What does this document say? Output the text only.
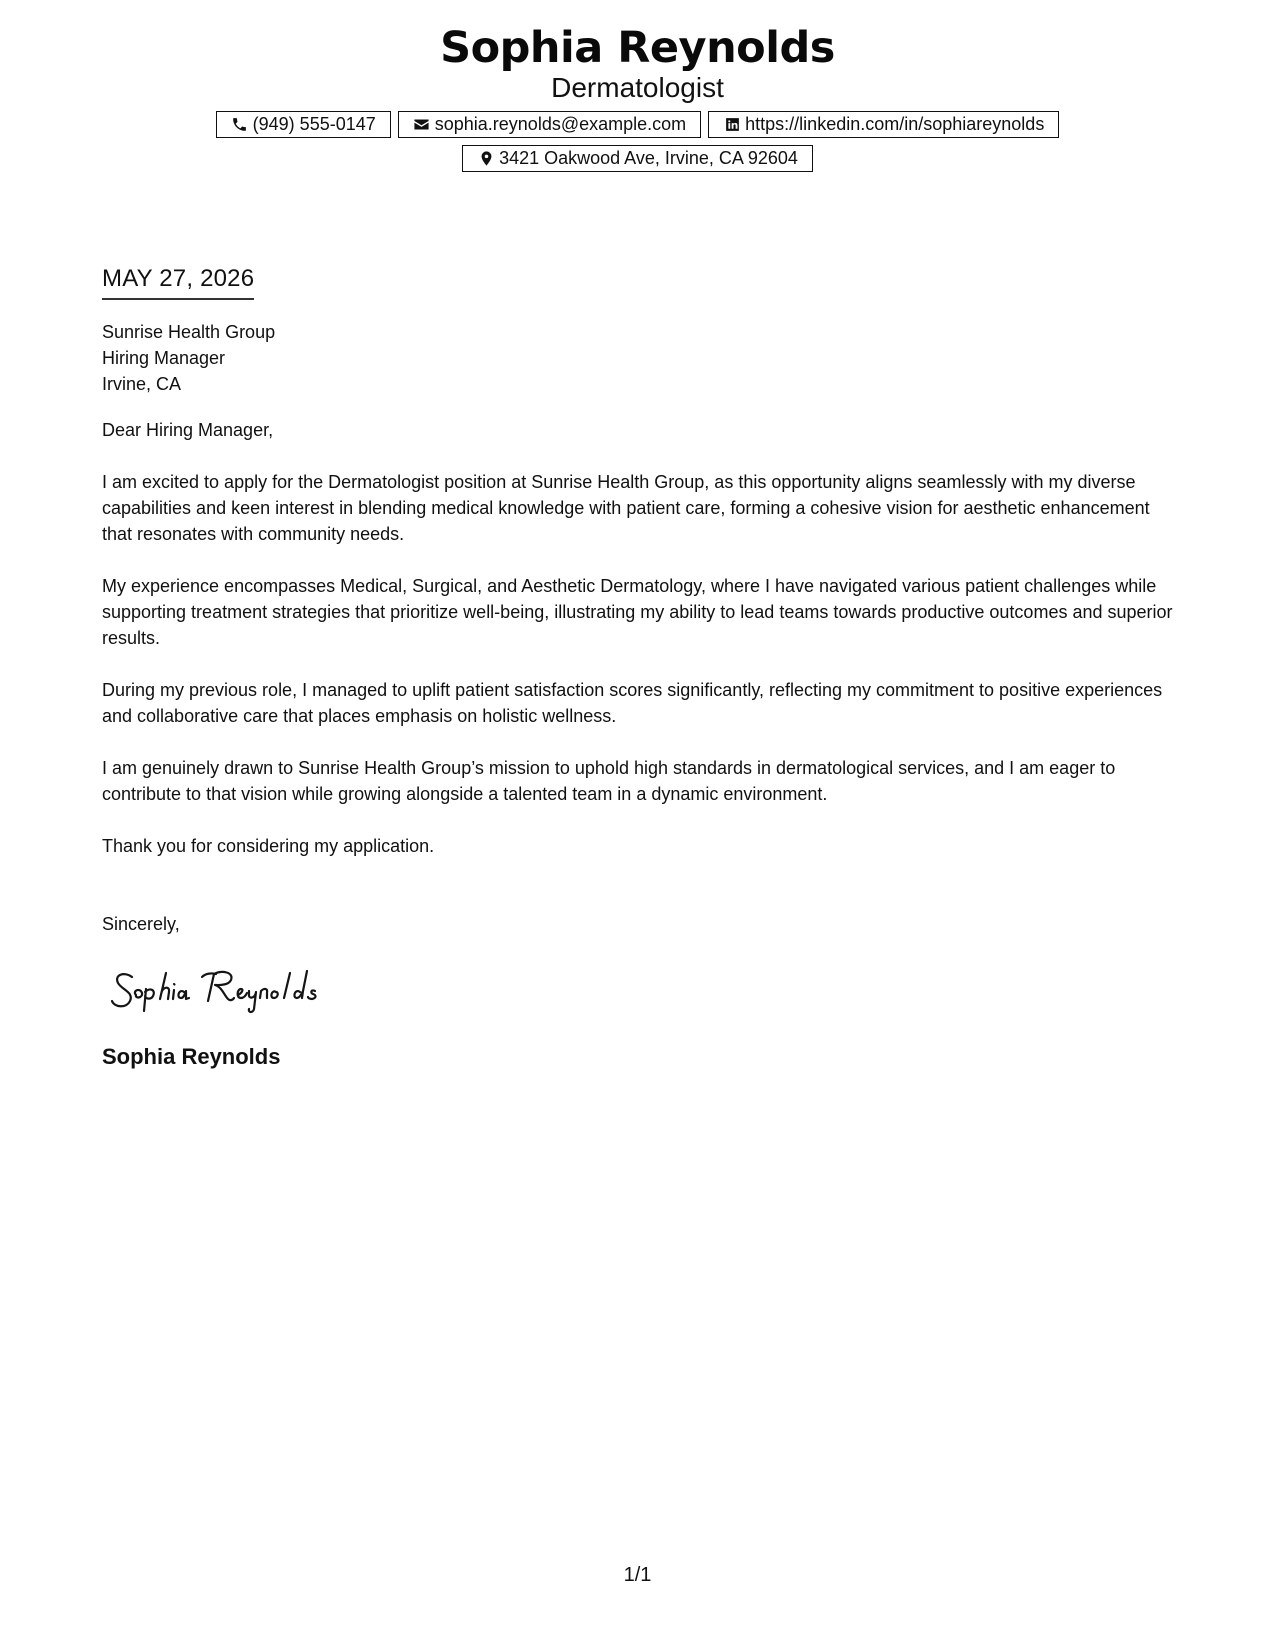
Sophia Reynolds
Dermatologist
(949) 555-0147	sophia.reynolds@example.com	https://linkedin.com/in/sophiareynolds
3421 Oakwood Ave, Irvine, CA 92604
MAY 27, 2026
Sunrise Health Group
Hiring Manager
Irvine, CA
Dear Hiring Manager,
I am excited to apply for the Dermatologist position at Sunrise Health Group, as this opportunity aligns seamlessly with my diverse capabilities and keen interest in blending medical knowledge with patient care, forming a cohesive vision for aesthetic enhancement that resonates with community needs.
My experience encompasses Medical, Surgical, and Aesthetic Dermatology, where I have navigated various patient challenges while supporting treatment strategies that prioritize well-being, illustrating my ability to lead teams towards productive outcomes and superior results.
During my previous role, I managed to uplift patient satisfaction scores significantly, reflecting my commitment to positive experiences and collaborative care that places emphasis on holistic wellness.
I am genuinely drawn to Sunrise Health Group’s mission to uphold high standards in dermatological services, and I am eager to contribute to that vision while growing alongside a talented team in a dynamic environment.
Thank you for considering my application.
Sincerely,
Sophia Reynolds
1/1
